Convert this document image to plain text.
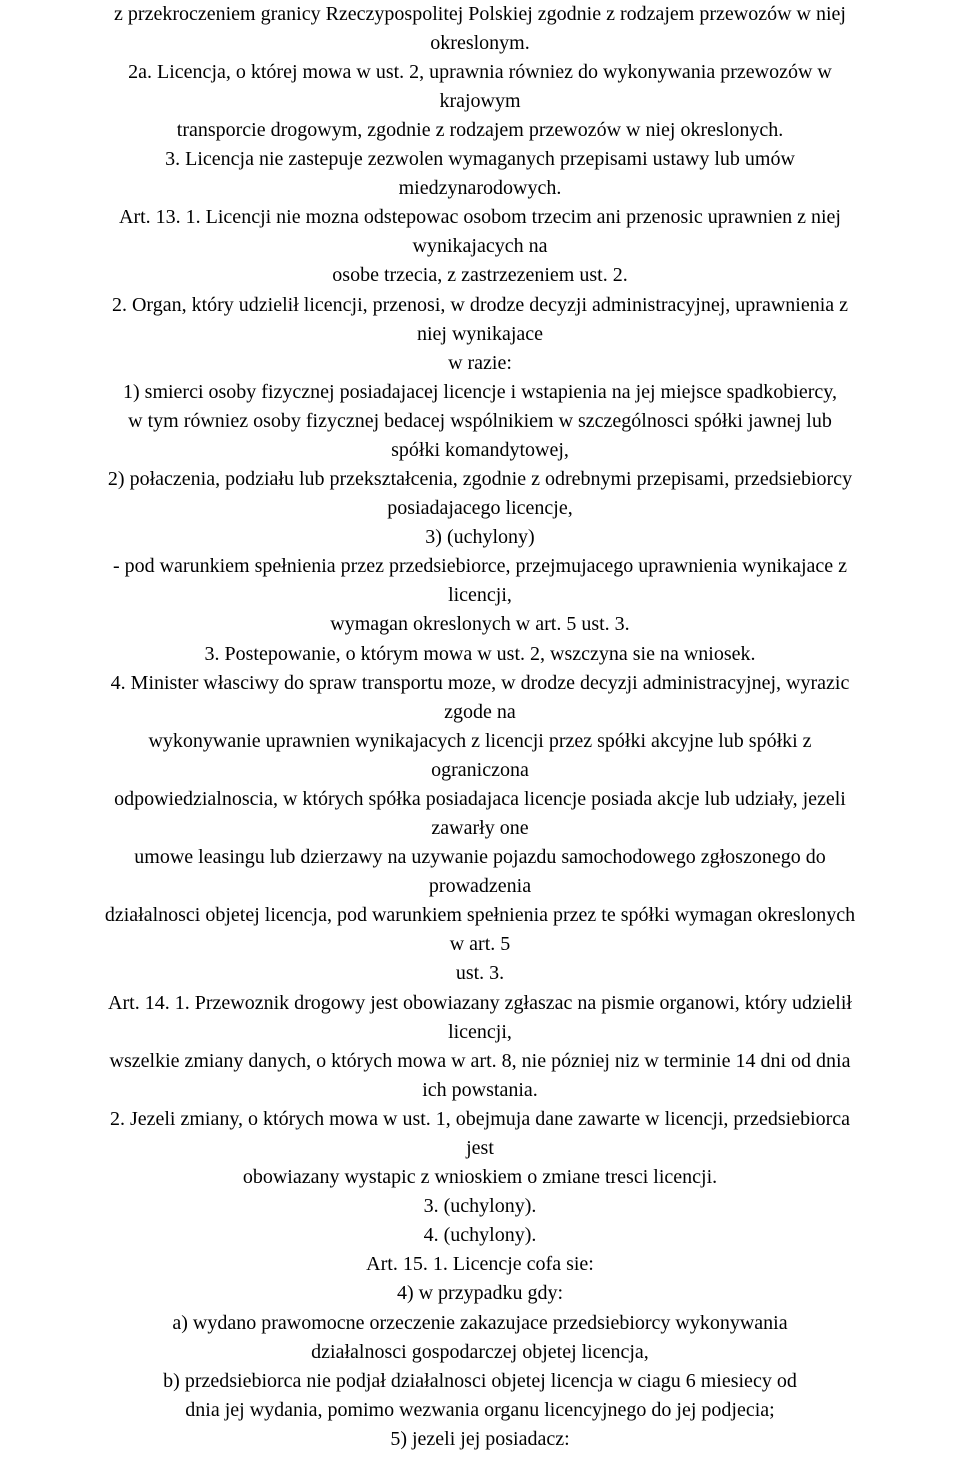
z przekroczeniem granicy Rzeczypospolitej Polskiej zgodnie z rodzajem przewozów w niej
okreslonym.
2a. Licencja, o której mowa w ust. 2, uprawnia równiez do wykonywania przewozów w
krajowym
transporcie drogowym, zgodnie z rodzajem przewozów w niej okreslonych.
3. Licencja nie zastepuje zezwolen wymaganych przepisami ustawy lub umów
miedzynarodowych.
Art. 13. 1. Licencji nie mozna odstepowac osobom trzecim ani przenosic uprawnien z niej
wynikajacych na
osobe trzecia, z zastrzezeniem ust. 2.
2. Organ, który udzielił licencji, przenosi, w drodze decyzji administracyjnej, uprawnienia z
niej wynikajace
w razie:
1) smierci osoby fizycznej posiadajacej licencje i wstapienia na jej miejsce spadkobiercy,
w tym równiez osoby fizycznej bedacej wspólnikiem w szczególnosci spółki jawnej lub
spółki komandytowej,
2) połaczenia, podziału lub przekształcenia, zgodnie z odrebnymi przepisami, przedsiebiorcy
posiadajacego licencje,
3) (uchylony)
- pod warunkiem spełnienia przez przedsiebiorce, przejmujacego uprawnienia wynikajace z
licencji,
wymagan okreslonych w art. 5 ust. 3.
3. Postepowanie, o którym mowa w ust. 2, wszczyna sie na wniosek.
4. Minister własciwy do spraw transportu moze, w drodze decyzji administracyjnej, wyrazic
zgode na
wykonywanie uprawnien wynikajacych z licencji przez spółki akcyjne lub spółki z
ograniczona
odpowiedzialnoscia, w których spółka posiadajaca licencje posiada akcje lub udziały, jezeli
zawarły one
umowe leasingu lub dzierzawy na uzywanie pojazdu samochodowego zgłoszonego do
prowadzenia
działalnosci objetej licencja, pod warunkiem spełnienia przez te spółki wymagan okreslonych
w art. 5
ust. 3.
Art. 14. 1. Przewoznik drogowy jest obowiazany zgłaszac na pismie organowi, który udzielił
licencji,
wszelkie zmiany danych, o których mowa w art. 8, nie pózniej niz w terminie 14 dni od dnia
ich powstania.
2. Jezeli zmiany, o których mowa w ust. 1, obejmuja dane zawarte w licencji, przedsiebiorca
jest
obowiazany wystapic z wnioskiem o zmiane tresci licencji.
3. (uchylony).
4. (uchylony).
Art. 15. 1. Licencje cofa sie:
4) w przypadku gdy:
a) wydano prawomocne orzeczenie zakazujace przedsiebiorcy wykonywania
działalnosci gospodarczej objetej licencja,
b) przedsiebiorca nie podjał działalnosci objetej licencja w ciagu 6 miesiecy od
dnia jej wydania, pomimo wezwania organu licencyjnego do jej podjecia;
5) jezeli jej posiadacz:
